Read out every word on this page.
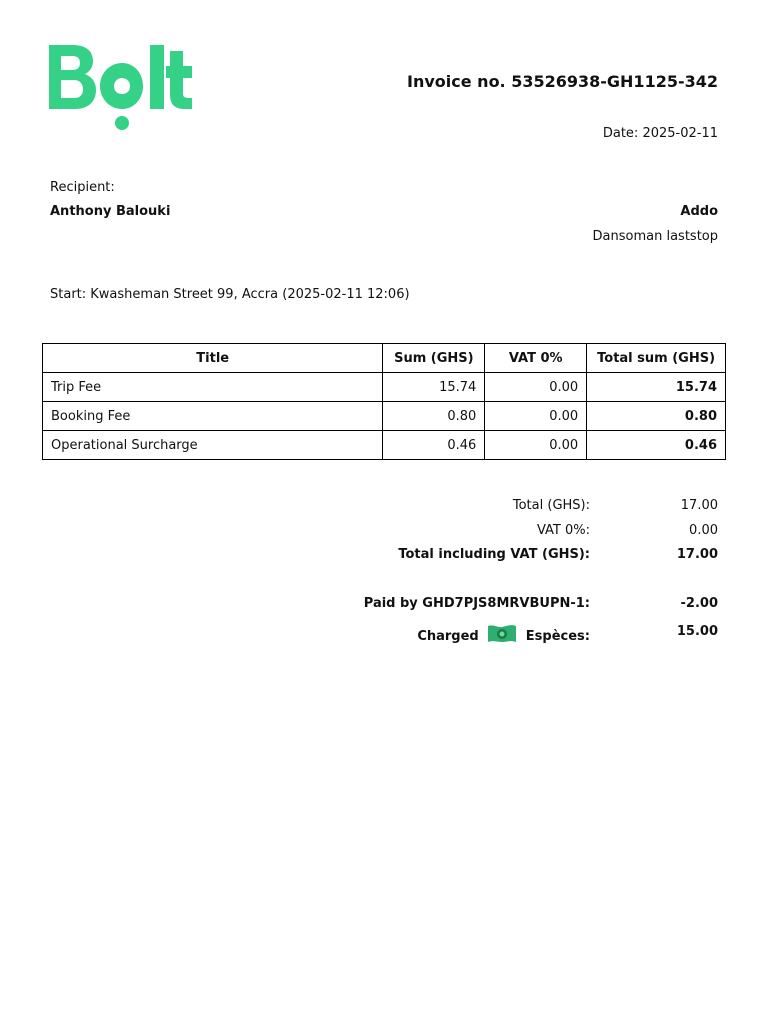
Invoice no. 53526938-GH1125-342
Date: 2025-02-11
Recipient:
Anthony Balouki	Addo
Dansoman laststop
Start: Kwasheman Street 99, Accra (2025-02-11 12:06)
Title	Sum (GHS)	VAT 0%	Total sum (GHS)
Trip Fee	15.74	0.00	15.74
Booking Fee	0.80	0.00	0.80
Operational Surcharge	0.46	0.00	0.46
Total (GHS):	17.00
VAT 0%:	0.00
Total including VAT (GHS):	17.00
Paid by GHD7PJS8MRVBUPN-1:	-2.00
Charged	Espèces:	15.00
